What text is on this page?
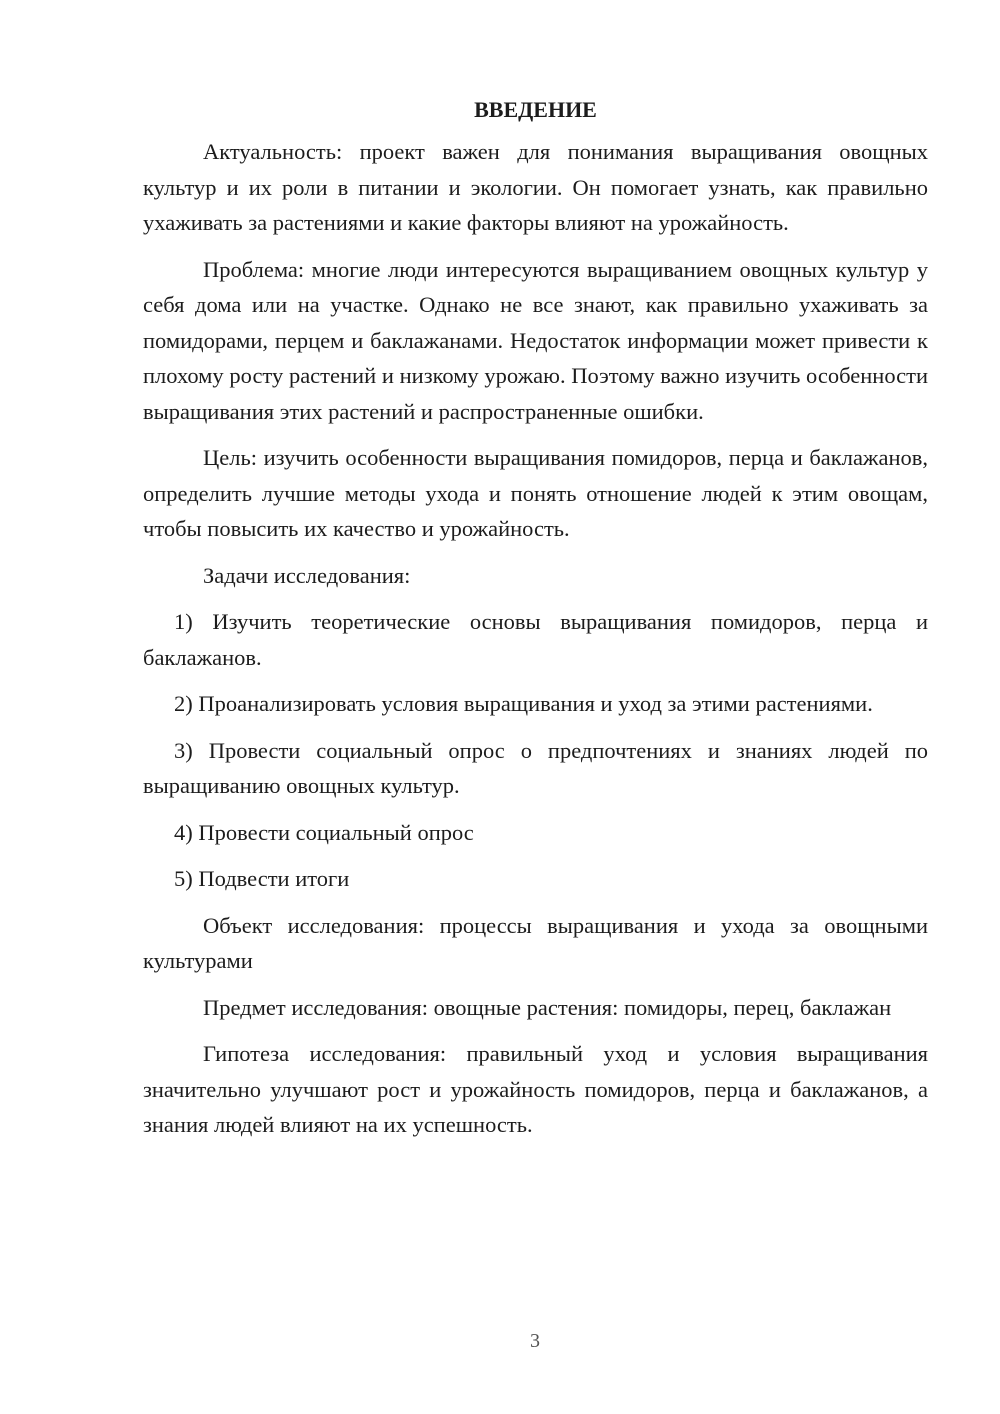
ВВЕДЕНИЕ

Актуальность: проект важен для понимания выращивания овощных культур и их роли в питании и экологии. Он помогает узнать, как правильно ухаживать за растениями и какие факторы влияют на урожайность.

Проблема: многие люди интересуются выращиванием овощных культур у себя дома или на участке. Однако не все знают, как правильно ухаживать за помидорами, перцем и баклажанами. Недостаток информации может привести к плохому росту растений и низкому урожаю. Поэтому важно изучить особенности выращивания этих растений и распространенные ошибки.

Цель: изучить особенности выращивания помидоров, перца и баклажанов, определить лучшие методы ухода и понять отношение людей к этим овощам, чтобы повысить их качество и урожайность.

Задачи исследования:

1) Изучить теоретические основы выращивания помидоров, перца и баклажанов.

2) Проанализировать условия выращивания и уход за этими растениями.

3) Провести социальный опрос о предпочтениях и знаниях людей по выращиванию овощных культур.

4) Провести социальный опрос

5) Подвести итоги

Объект исследования: процессы выращивания и ухода за овощными культурами

Предмет исследования: овощные растения: помидоры, перец, баклажан

Гипотеза исследования: правильный уход и условия выращивания значительно улучшают рост и урожайность помидоров, перца и баклажанов, а знания людей влияют на их успешность.

3
